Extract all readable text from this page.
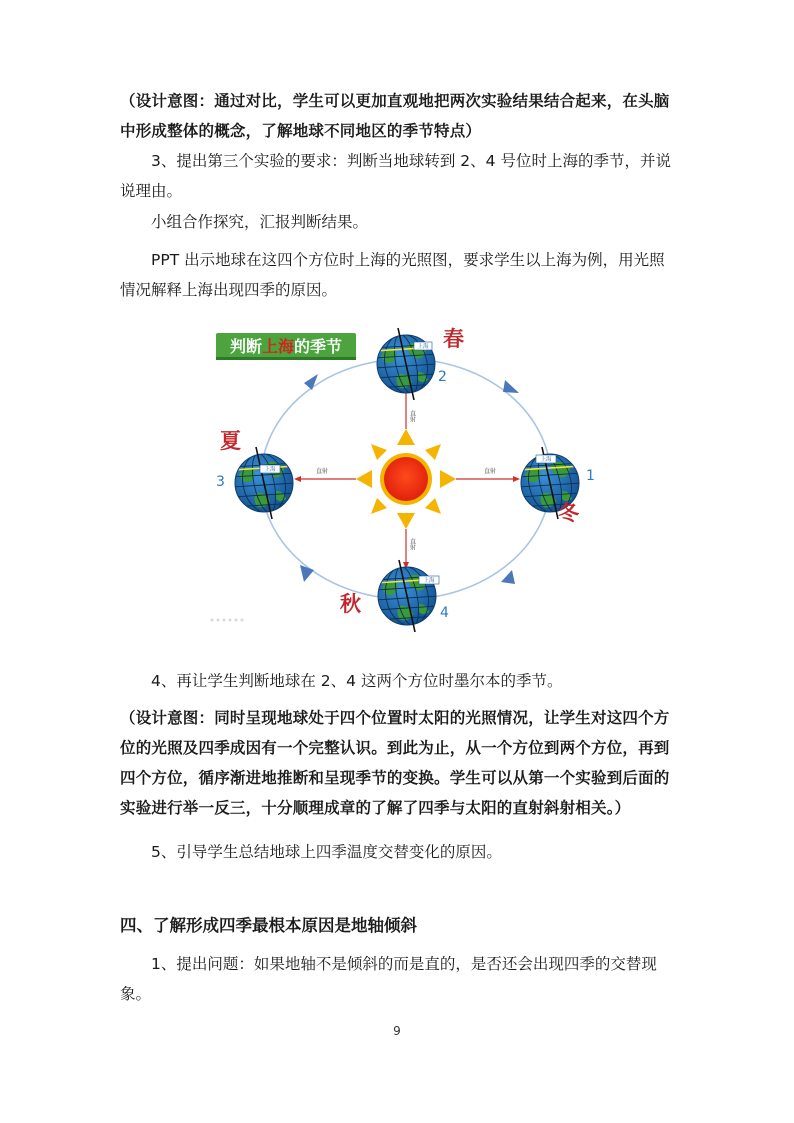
（设计意图：通过对比，学生可以更加直观地把两次实验结果结合起来，在头脑中形成整体的概念，了解地球不同地区的季节特点）
3、提出第三个实验的要求：判断当地球转到 2、4 号位时上海的季节，并说说理由。
小组合作探究，汇报判断结果。
PPT 出示地球在这四个方位时上海的光照图，要求学生以上海为例，用光照情况解释上海出现四季的原因。
判断上海的季节
直射	直射
直射
直射
上海
上海
上海
上海
春
夏
冬
秋
2
3	1
4
4、再让学生判断地球在 2、4 这两个方位时墨尔本的季节。
（设计意图：同时呈现地球处于四个位置时太阳的光照情况，让学生对这四个方位的光照及四季成因有一个完整认识。到此为止，从一个方位到两个方位，再到四个方位，循序渐进地推断和呈现季节的变换。学生可以从第一个实验到后面的实验进行举一反三，十分顺理成章的了解了四季与太阳的直射斜射相关。）
5、引导学生总结地球上四季温度交替变化的原因。
四、了解形成四季最根本原因是地轴倾斜
1、提出问题：如果地轴不是倾斜的而是直的，是否还会出现四季的交替现象。
9
